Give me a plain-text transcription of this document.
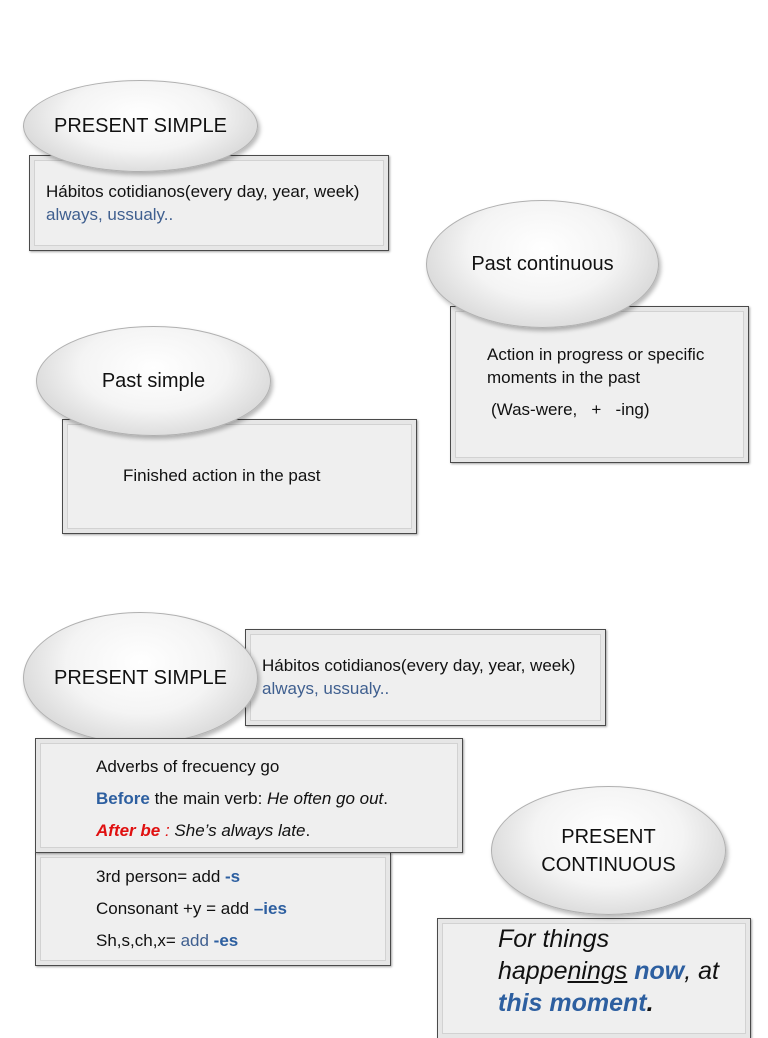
Hábitos cotidianos(every day, year, week) always, ussualy..
PRESENT SIMPLE
Action in progress or specific moments in the past
(Was-were,   +   -ing)
Past continuous
Finished action in the past
Past simple
Hábitos cotidianos(every day, year, week) always, ussualy..
PRESENT SIMPLE
Adverbs of frecuency go
Before the main verb: He often go out.
After be : She’s always late.
3rd person= add -s
Consonant +y = add –ies
Sh,s,ch,x= add -es	For things
happenings now, at
this moment.
PRESENT
CONTINUOUS
